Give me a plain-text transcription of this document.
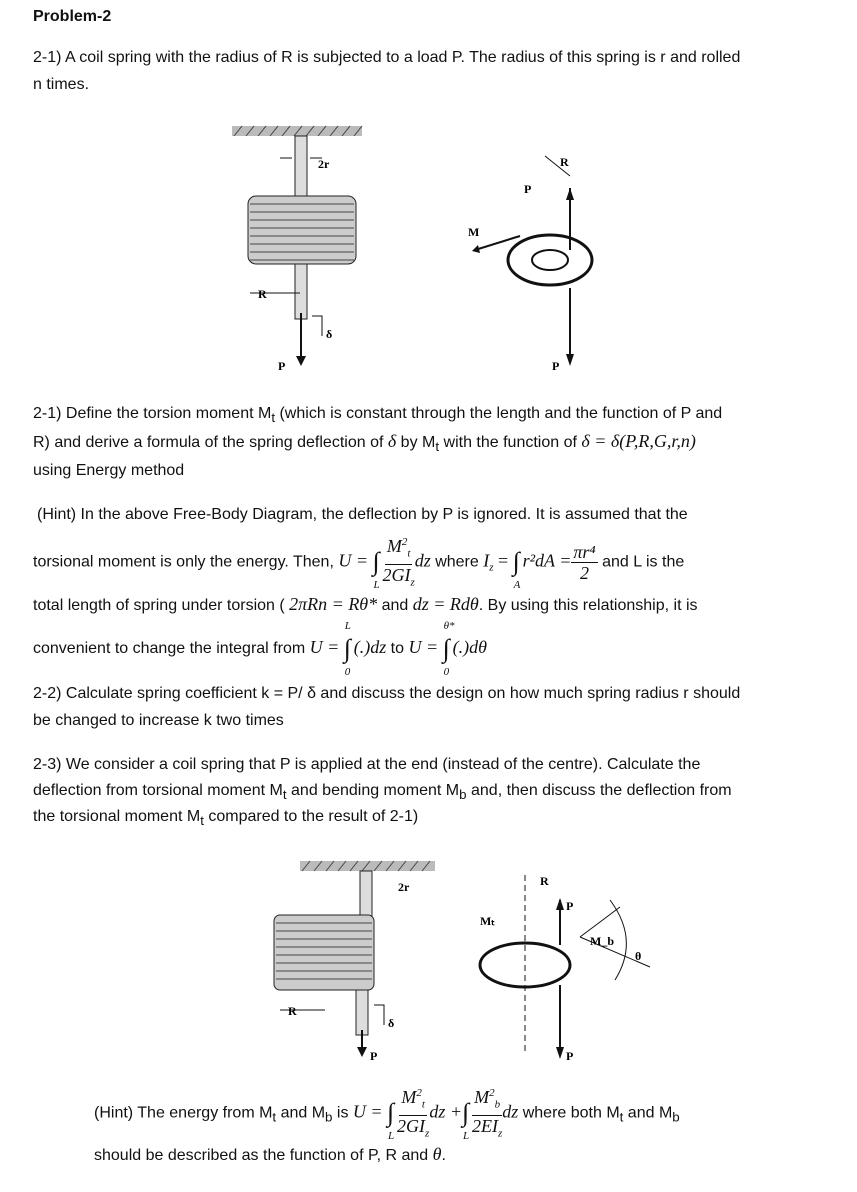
Problem-2
2-1) A coil spring with the radius of R is subjected to a load P. The radius of this spring is r and rolled
n times.
2r
R
P
δ
M
P
R
P
2-1) Define the torsion moment $M_t$ (which is constant through the length and the function of P and
R) and derive a formula of the spring deflection of δ by $M_t$ with the function of δ = δ(P,R,G,r,n)
using Energy method
(Hint) In the above Free-Body Diagram, the deflection by P is ignored. It is assumed that the
torsional moment is only the energy. Then, U = ∫
L $\frac{M^2_t}{2GI_z}$ dz where $I_z$ = ∫
A
$r^2dA = \frac{\text{πr⁴}}{2}$ and L is the
total length of spring under torsion ( 2πRn = Rθ* and dz = Rdθ. By using this relationship, it is
convenient to change the integral from U = ∫
L
0
(.)dz to U = ∫
θ*
0
(.)dθ
2-2) Calculate spring coefficient k = P/ δ and discuss the design on how much spring radius r should
be changed to increase k two times
2-3) We consider a coil spring that P is applied at the end (instead of the centre). Calculate the
deflection from torsional moment $M_t$ and bending moment $M_b$ and, then discuss the deflection from
the torsional moment $M_t$ compared to the result of 2-1)
2r
R
P
δ
Mₜ
M_b
θ
R
P
P
(Hint) The energy from $M_t$ and $M_b$ is U = ∫
L $\frac{M^2_t}{2GI_z}$ dz +∫
L $\frac{M^2_b}{2EI_z}$ dz where both $M_t$ and $M_b$
should be described as the function of P, R and θ.
